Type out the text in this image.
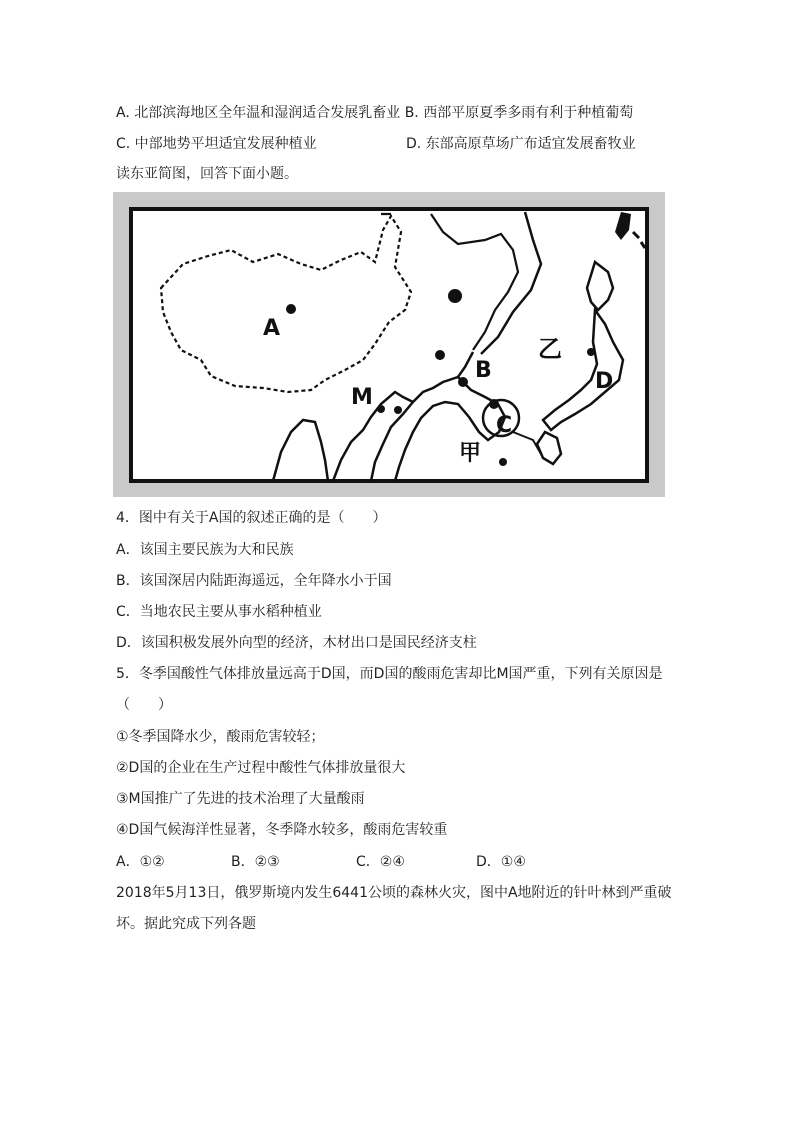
A. 北部滨海地区全年温和湿润适合发展乳畜业 B. 西部平原夏季多雨有利于种植葡萄
C. 中部地势平坦适宜发展种植业	D. 东部高原草场广布适宜发展畜牧业
读东亚简图，回答下面小题。
A
B
C
D
M
乙
甲
4．图中有关于A国的叙述正确的是（　　）
A．该国主要民族为大和民族
B．该国深居内陆距海遥远，全年降水小于国
C．当地农民主要从事水稻种植业
D．该国积极发展外向型的经济，木材出口是国民经济支柱
5．冬季国酸性气体排放量远高于D国，而D国的酸雨危害却比M国严重，下列有关原因是
（　　）
①冬季国降水少，酸雨危害较轻；
②D国的企业在生产过程中酸性气体排放量很大
③M国推广了先进的技术治理了大量酸雨
④D国气候海洋性显著，冬季降水较多，酸雨危害较重
A．①②	B．②③	C．②④	D．①④
2018年5月13日，俄罗斯境内发生6441公顷的森林火灾，图中A地附近的针叶林到严重破
坏。据此究成下列各题
